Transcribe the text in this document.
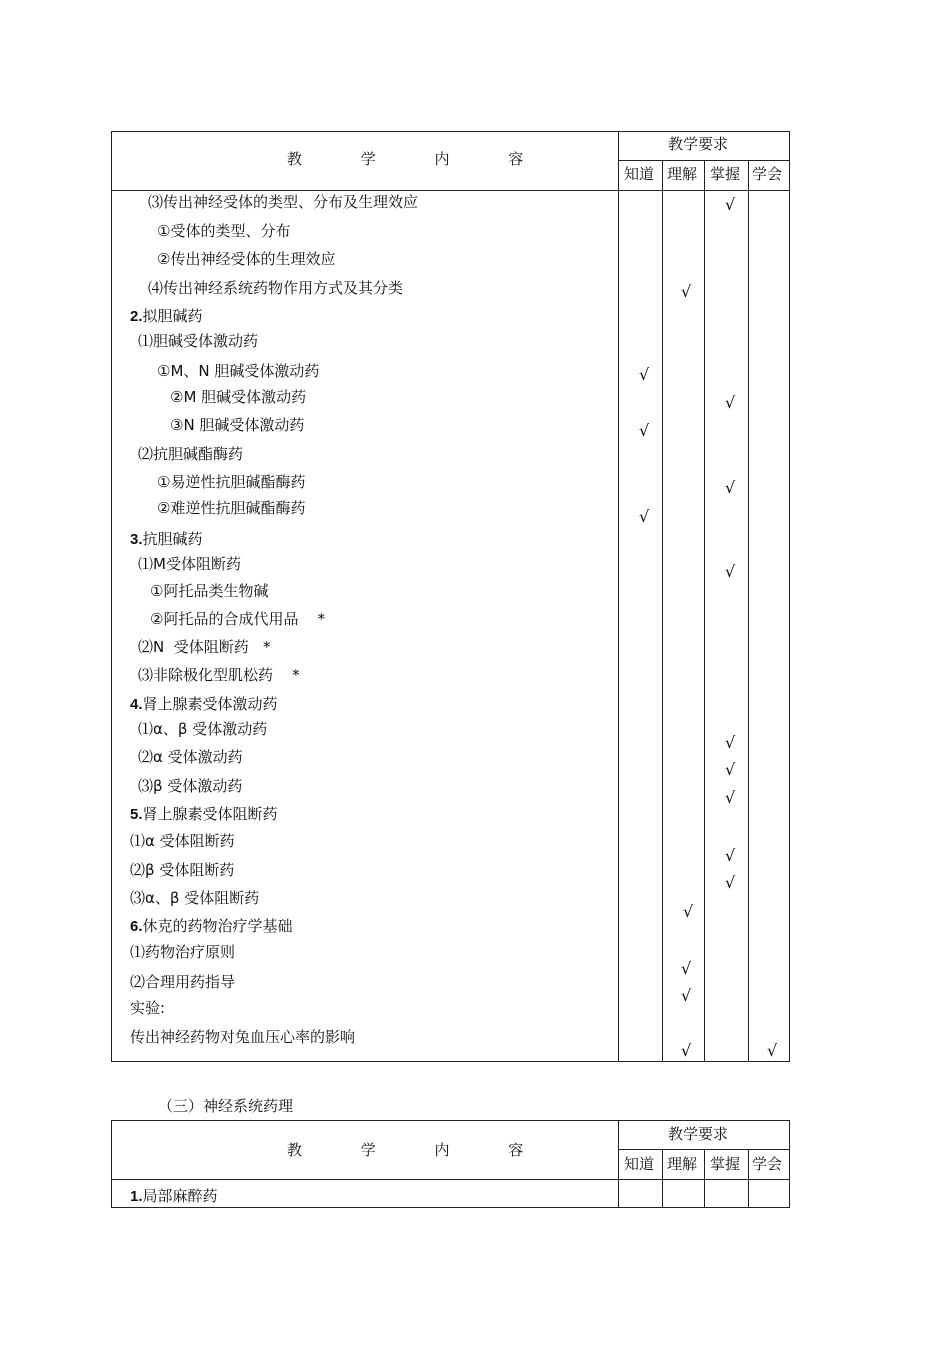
教 学 内 容
教学要求
知道 理解 掌握 学会
⑶传出神经受体的类型、分布及生理效应
①受体的类型、分布
②传出神经受体的生理效应
⑷传出神经系统药物作用方式及其分类
2.拟胆碱药
⑴胆碱受体激动药
①M、N 胆碱受体激动药
②M 胆碱受体激动药
③N 胆碱受体激动药
⑵抗胆碱酯酶药
①易逆性抗胆碱酯酶药
②难逆性抗胆碱酯酶药
3.抗胆碱药
⑴M受体阻断药
①阿托品类生物碱
②阿托品的合成代用品    *
⑵N  受体阻断药   *
⑶非除极化型肌松药    *
4.肾上腺素受体激动药
⑴α、β 受体激动药
⑵α 受体激动药
⑶β 受体激动药
5.肾上腺素受体阻断药
⑴α 受体阻断药
⑵β 受体阻断药
⑶α、β 受体阻断药
6.休克的药物治疗学基础
⑴药物治疗原则
⑵合理用药指导
实验:
传出神经药物对兔血压心率的影响
√
√
√
√
√
√
√
√
√
√
√
√
√
√
√
√
√	√
（三）神经系统药理
教 学 内 容
教学要求
知道 理解 掌握 学会
1.局部麻醉药
